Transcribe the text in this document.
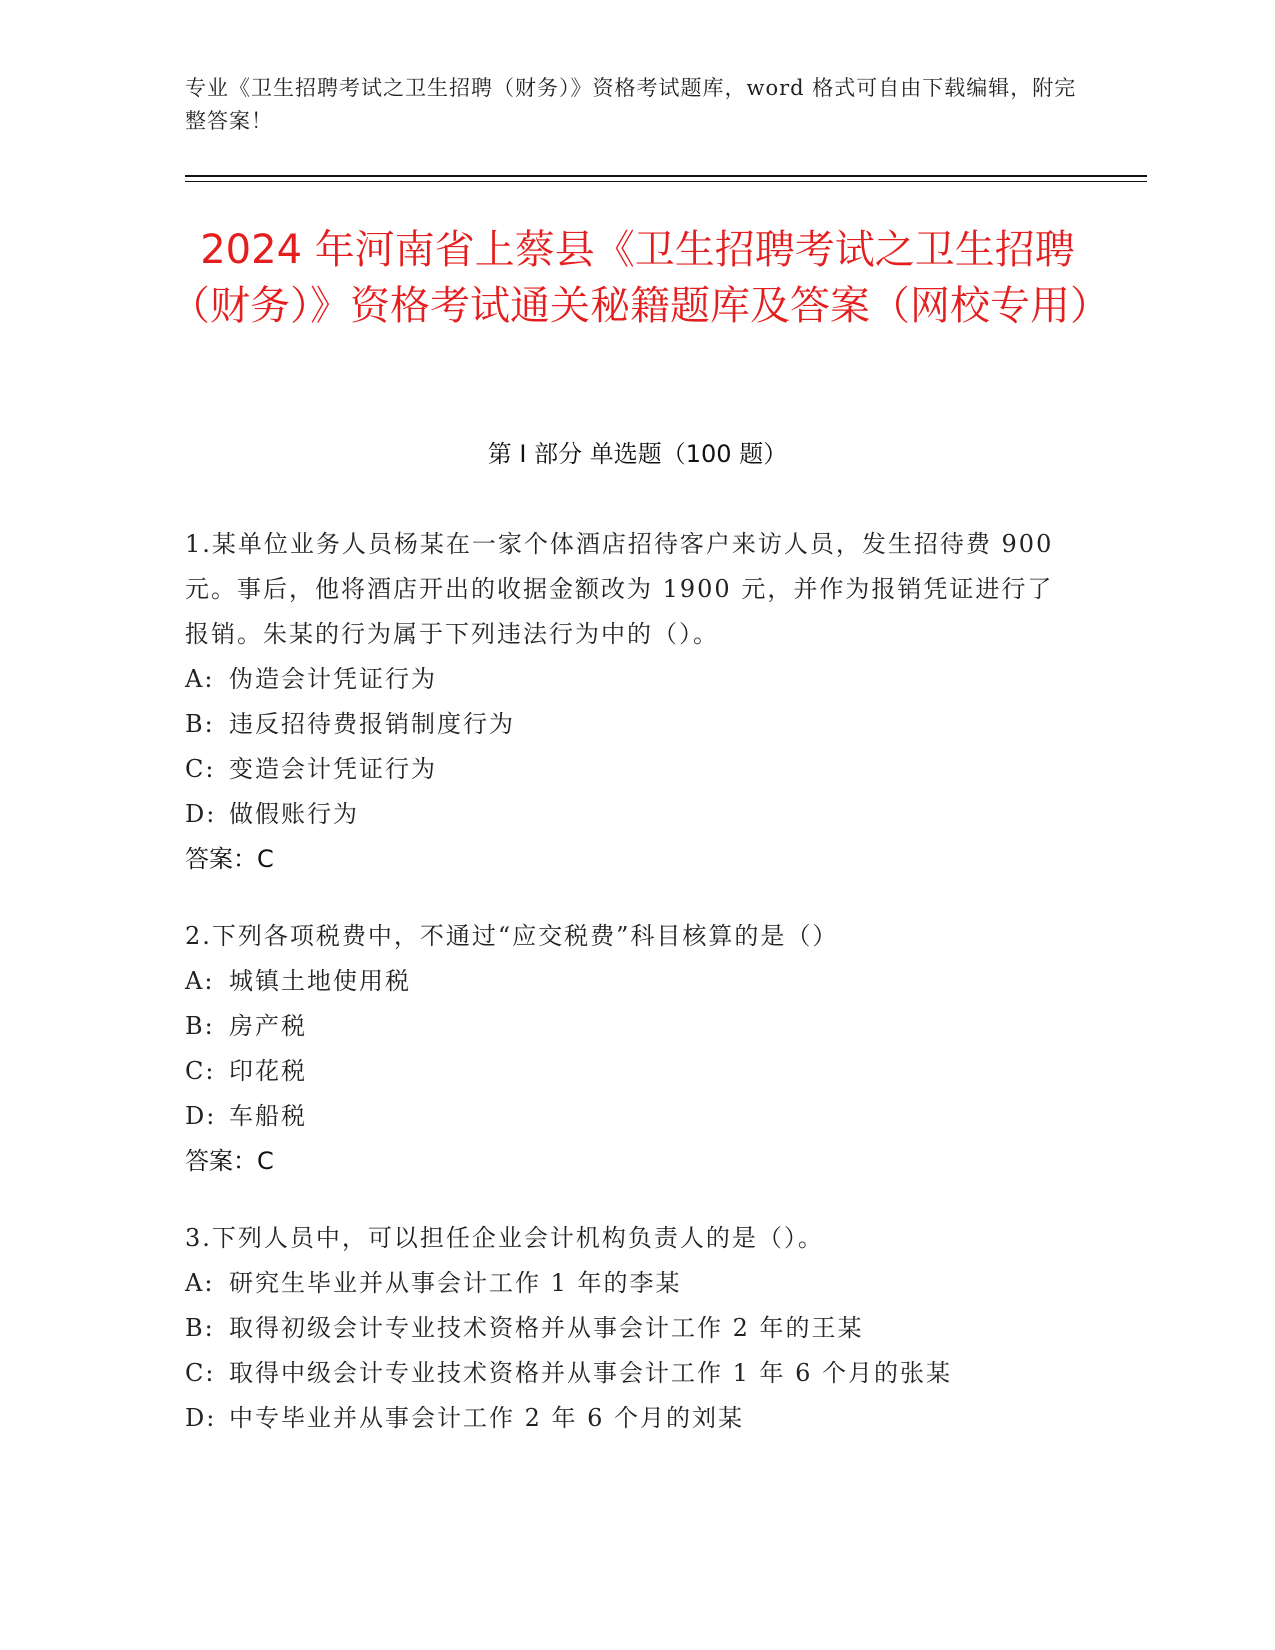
专业《卫生招聘考试之卫生招聘（财务）》资格考试题库，word 格式可自由下载编辑，附完整答案！
2024 年河南省上蔡县《卫生招聘考试之卫生招聘（财务）》资格考试通关秘籍题库及答案（网校专用）
第 I 部分 单选题（100 题）

1.某单位业务人员杨某在一家个体酒店招待客户来访人员，发生招待费 900 元。事后，他将酒店开出的收据金额改为 1900 元，并作为报销凭证进行了报销。朱某的行为属于下列违法行为中的（）。

A: 伪造会计凭证行为

B: 违反招待费报销制度行为

C: 变造会计凭证行为

D: 做假账行为

答案：C

2.下列各项税费中，不通过“应交税费”科目核算的是（）

A: 城镇土地使用税

B: 房产税

C: 印花税

D: 车船税

答案：C

3.下列人员中，可以担任企业会计机构负责人的是（）。

A: 研究生毕业并从事会计工作 1 年的李某

B: 取得初级会计专业技术资格并从事会计工作 2 年的王某

C: 取得中级会计专业技术资格并从事会计工作 1 年 6 个月的张某

D: 中专毕业并从事会计工作 2 年 6 个月的刘某
